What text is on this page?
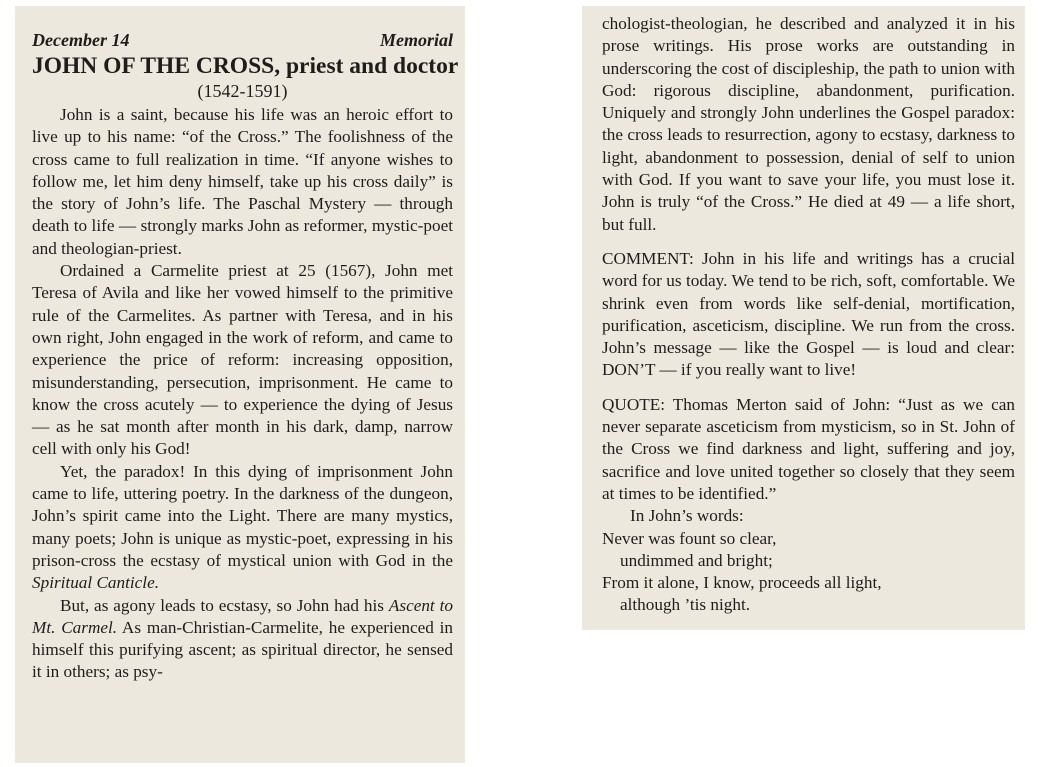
December 14	Memorial
JOHN OF THE CROSS, priest and doctor
(1542-1591)

John is a saint, because his life was an heroic effort to live up to his name: “of the Cross.” The foolishness of the cross came to full realization in time. “If anyone wishes to follow me, let him deny himself, take up his cross daily” is the story of John’s life. The Paschal Mystery — through death to life — strongly marks John as reformer, mystic-poet and theologian-priest.

Ordained a Carmelite priest at 25 (1567), John met Teresa of Avila and like her vowed himself to the primitive rule of the Carmelites. As partner with Teresa, and in his own right, John engaged in the work of reform, and came to experience the price of reform: increasing opposition, misunderstanding, persecution, imprisonment. He came to know the cross acutely — to experience the dying of Jesus — as he sat month after month in his dark, damp, narrow cell with only his God!

Yet, the paradox! In this dying of imprisonment John came to life, uttering poetry. In the darkness of the dungeon, John’s spirit came into the Light. There are many mystics, many poets; John is unique as mystic-poet, expressing in his prison-cross the ecstasy of mystical union with God in the Spiritual Canticle.

But, as agony leads to ecstasy, so John had his Ascent to Mt. Carmel. As man-Christian-Carmelite, he experienced in himself this purifying ascent; as spiritual director, he sensed it in others; as psy-

chologist-theologian, he described and analyzed it in his prose writings. His prose works are outstanding in underscoring the cost of discipleship, the path to union with God: rigorous discipline, abandonment, purification. Uniquely and strongly John underlines the Gospel paradox: the cross leads to resurrection, agony to ecstasy, darkness to light, abandonment to possession, denial of self to union with God. If you want to save your life, you must lose it. John is truly “of the Cross.” He died at 49 — a life short, but full.

COMMENT: John in his life and writings has a crucial word for us today. We tend to be rich, soft, comfortable. We shrink even from words like self-denial, mortification, purification, asceticism, discipline. We run from the cross. John’s message — like the Gospel — is loud and clear: DON’T — if you really want to live!

QUOTE: Thomas Merton said of John: “Just as we can never separate asceticism from mysticism, so in St. John of the Cross we find darkness and light, suffering and joy, sacrifice and love united together so closely that they seem at times to be identified.”

In John’s words:
Never was fount so clear,
undimmed and bright;
From it alone, I know, proceeds all light,
although ’tis night.
